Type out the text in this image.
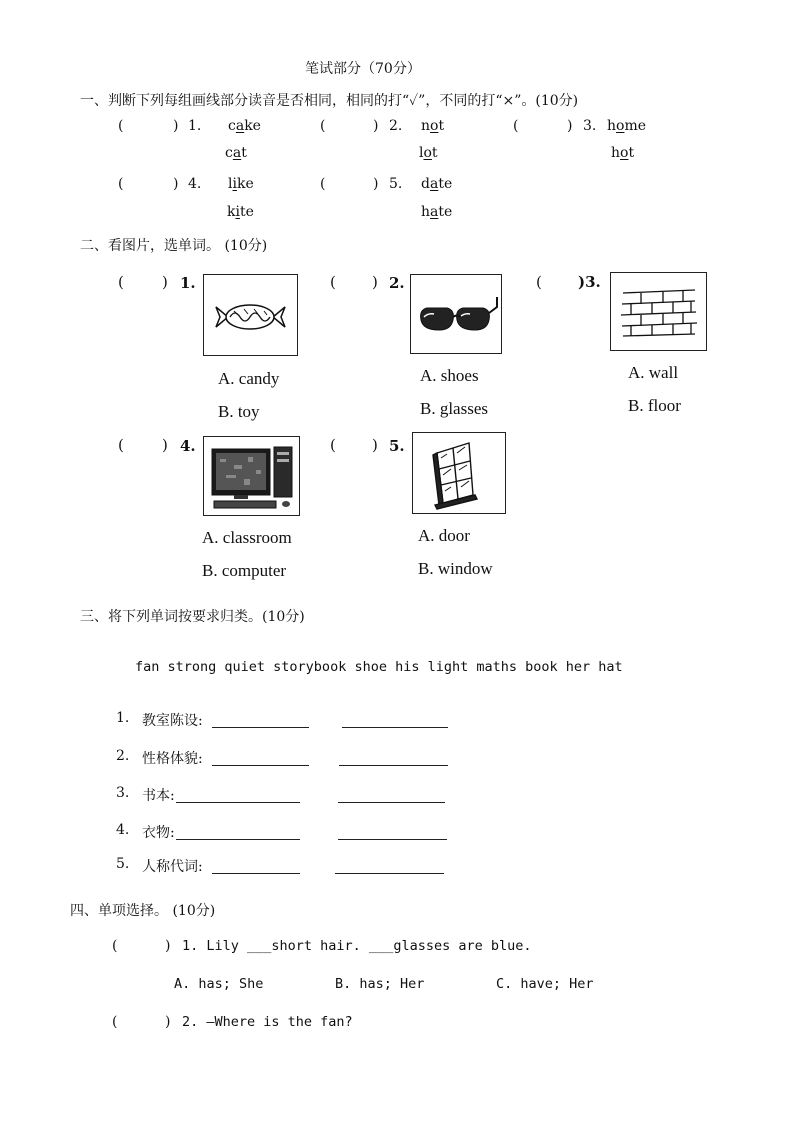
笔试部分（70分）
一、判断下列每组画线部分读音是否相同，相同的打“✓”，不同的打“×”。(10分)
(	) 1. cake
cat
(	) 2. not
lot
(	) 3. home
hot
(	) 4. like
kite
(	) 5. date
hate
二、看图片，选单词。 (10分)
(	) 1.	( ) 2.	( )3.
A. candy
B. toy
A. shoes
B. glasses
A. wall
B. floor
(	) 4.	( ) 5.
A. classroom
B. computer
A. door
B. window
三、将下列单词按要求归类。(10分)
fan strong quiet storybook shoe his light maths book her hat
1. 教室陈设:
2. 性格体貌:
3. 书本:
4. 衣物:
5. 人称代词:
四、单项选择。 (10分)
(	) 1. Lily ___short hair. ___glasses are blue.
A. has; She	B. has; Her	C. have; Her
(	) 2. —Where is the fan?
